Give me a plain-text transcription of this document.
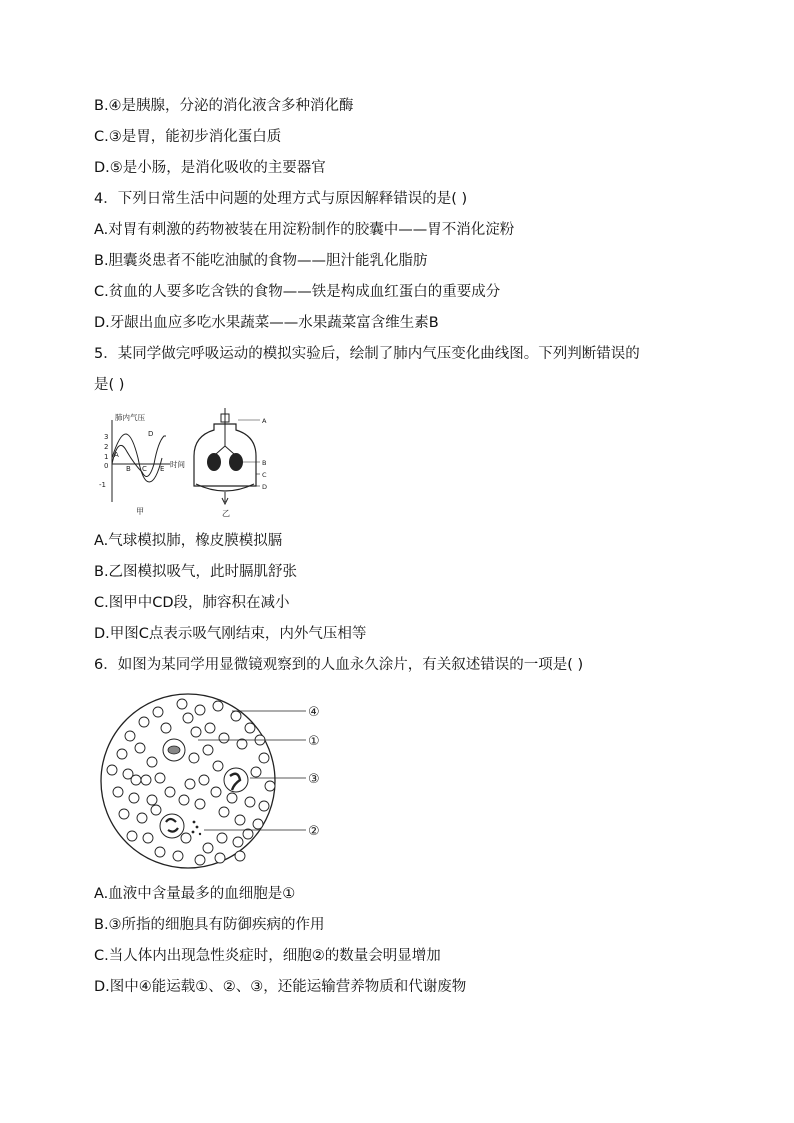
B.④是胰腺，分泌的消化液含多种消化酶
C.③是胃，能初步消化蛋白质
D.⑤是小肠，是消化吸收的主要器官
4．下列日常生活中问题的处理方式与原因解释错误的是( )
A.对胃有刺激的药物被装在用淀粉制作的胶囊中——胃不消化淀粉
B.胆囊炎患者不能吃油腻的食物——胆汁能乳化脂肪
C.贫血的人要多吃含铁的食物——铁是构成血红蛋白的重要成分
D.牙龈出血应多吃水果蔬菜——水果蔬菜富含维生素B
5．某同学做完呼吸运动的模拟实验后，绘制了肺内气压变化曲线图。下列判断错误的
是( )
肺内气压
时间
3
2
1
0
-1
A
B C
D
E
甲
A
B
C
D
乙
A.气球模拟肺，橡皮膜模拟膈
B.乙图模拟吸气，此时膈肌舒张
C.图甲中CD段，肺容积在减小
D.甲图C点表示吸气刚结束，内外气压相等
6．如图为某同学用显微镜观察到的人血永久涂片，有关叙述错误的一项是( )
④
①
③
②
A.血液中含量最多的血细胞是①
B.③所指的细胞具有防御疾病的作用
C.当人体内出现急性炎症时，细胞②的数量会明显增加
D.图中④能运载①、②、③，还能运输营养物质和代谢废物
